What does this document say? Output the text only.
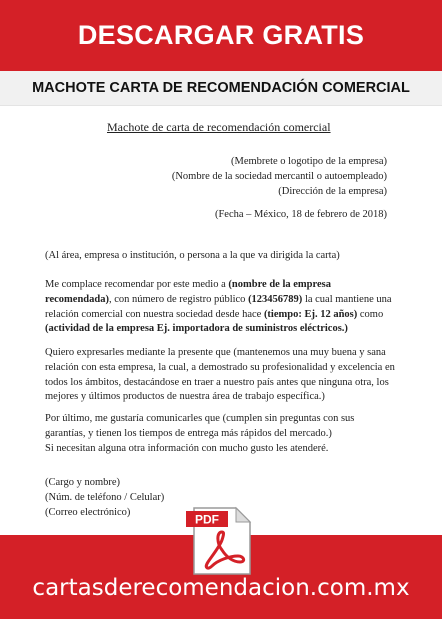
DESCARGAR GRATIS
MACHOTE CARTA DE RECOMENDACIÓN COMERCIAL
Machote de carta de recomendación comercial
(Membrete o logotipo de la empresa)
(Nombre de la sociedad mercantil o autoempleado)
(Dirección de la empresa)
(Fecha – México, 18 de febrero de 2018)
(Al área, empresa o institución, o persona a la que va dirigida la carta)
Me complace recomendar por este medio a (nombre de la empresa recomendada), con número de registro público (123456789) la cual mantiene una relación comercial con nuestra sociedad desde hace (tiempo: Ej. 12 años) como (actividad de la empresa Ej. importadora de suministros eléctricos.)
Quiero expresarles mediante la presente que (mantenemos una muy buena y sana relación con esta empresa, la cual, a demostrado su profesionalidad y excelencia en todos los ámbitos, destacándose en traer a nuestro país antes que ninguna otra, los mejores y últimos productos de nuestra área de trabajo específica.)
Por último, me gustaría comunicarles que (cumplen sin preguntas con sus garantías, y tienen los tiempos de entrega más rápidos del mercado.)
Si necesitan alguna otra información con mucho gusto les atenderé.
(Cargo y nombre)
(Núm. de teléfono / Celular)
(Correo electrónico)
cartasderecomendacion.com.mx
PDF
